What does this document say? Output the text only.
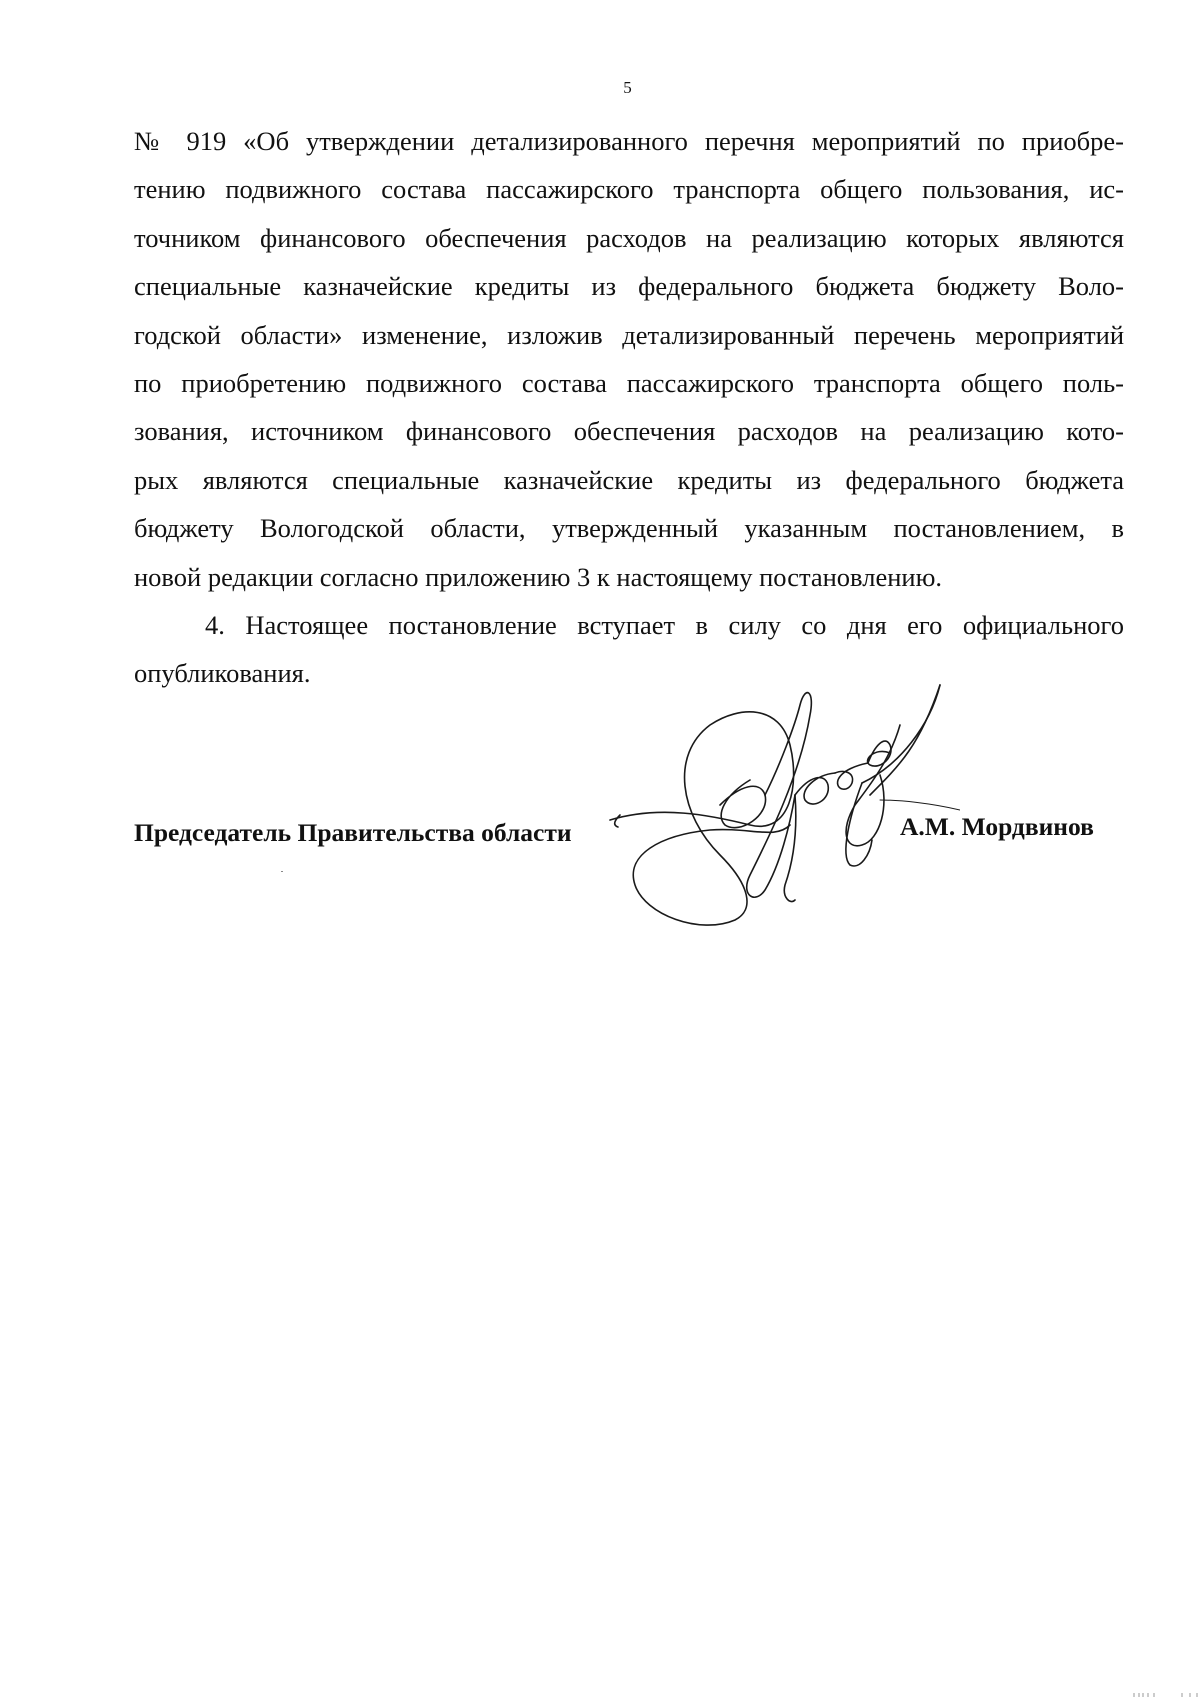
5
№ 919 «Об утверждении детализированного перечня мероприятий по приобре-
тению подвижного состава пассажирского транспорта общего пользования, ис-
точником финансового обеспечения расходов на реализацию которых являются
специальные казначейские кредиты из федерального бюджета бюджету Воло-
годской области» изменение, изложив детализированный перечень мероприятий
по приобретению подвижного состава пассажирского транспорта общего поль-
зования, источником финансового обеспечения расходов на реализацию кото-
рых являются специальные казначейские кредиты из федерального бюджета
бюджету Вологодской области, утвержденный указанным постановлением, в
новой редакции согласно приложению 3 к настоящему постановлению.
4. Настоящее постановление вступает в силу со дня его официального
опубликования.
Председатель Правительства области	А.М. Мордвинов
